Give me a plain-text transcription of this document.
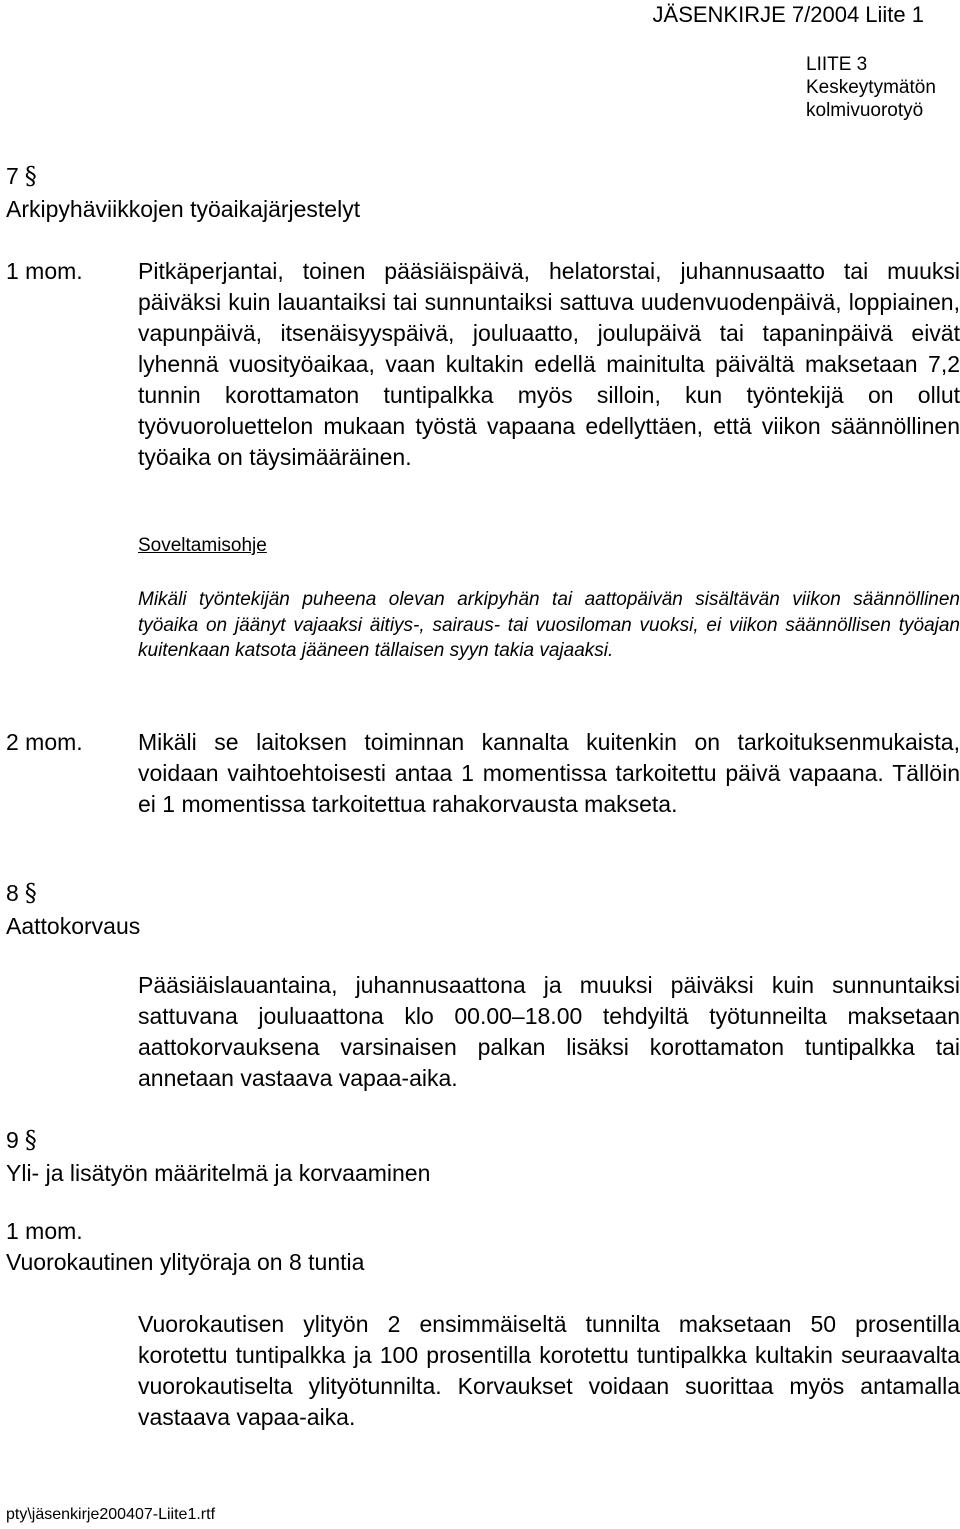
JÄSENKIRJE 7/2004 Liite 1
LIITE 3
Keskeytymätön
kolmivuorotyö
7 §
Arkipyhäviikkojen työaikajärjestelyt
1 mom. Pitkäperjantai, toinen pääsiäispäivä, helatorstai, juhannusaatto tai muuksi päiväksi kuin lauantaiksi tai sunnuntaiksi sattuva uudenvuodenpäivä, loppiainen, vapunpäivä, itsenäisyyspäivä, jouluaatto, joulupäivä tai tapaninpäivä eivät lyhennä vuosityöaikaa, vaan kultakin edellä mainitulta päivältä maksetaan 7,2 tunnin korottamaton tuntipalkka myös silloin, kun työntekijä on ollut työvuoroluettelon mukaan työstä vapaana edellyttäen, että viikon säännöllinen työaika on täysimääräinen.

Soveltamisohje
Mikäli työntekijän puheena olevan arkipyhän tai aattopäivän sisältävän viikon säännöllinen työaika on jäänyt vajaaksi äitiys-, sairaus- tai vuosiloman vuoksi, ei viikon säännöllisen työajan kuitenkaan katsota jääneen tällaisen syyn takia vajaaksi.
2 mom. Mikäli se laitoksen toiminnan kannalta kuitenkin on tarkoituksenmukaista, voidaan vaihtoehtoisesti antaa 1 momentissa tarkoitettu päivä vapaana. Tällöin ei 1 momentissa tarkoitettua rahakorvausta makseta.

8 §
Aattokorvaus

Pääsiäislauantaina, juhannusaattona ja muuksi päiväksi kuin sunnuntaiksi sattuvana jouluaattona klo 00.00–18.00 tehdyiltä työtunneilta maksetaan aattokorvauksena varsinaisen palkan lisäksi korottamaton tuntipalkka tai annetaan vastaava vapaa-aika.

9 §
Yli- ja lisätyön määritelmä ja korvaaminen
1 mom.
Vuorokautinen ylityöraja on 8 tuntia

Vuorokautisen ylityön 2 ensimmäiseltä tunnilta maksetaan 50 prosentilla korotettu tuntipalkka ja 100 prosentilla korotettu tuntipalkka kultakin seuraavalta vuorokautiselta ylityötunnilta. Korvaukset voidaan suorittaa myös antamalla vastaava vapaa-aika.

pty\jäsenkirje200407-Liite1.rtf
